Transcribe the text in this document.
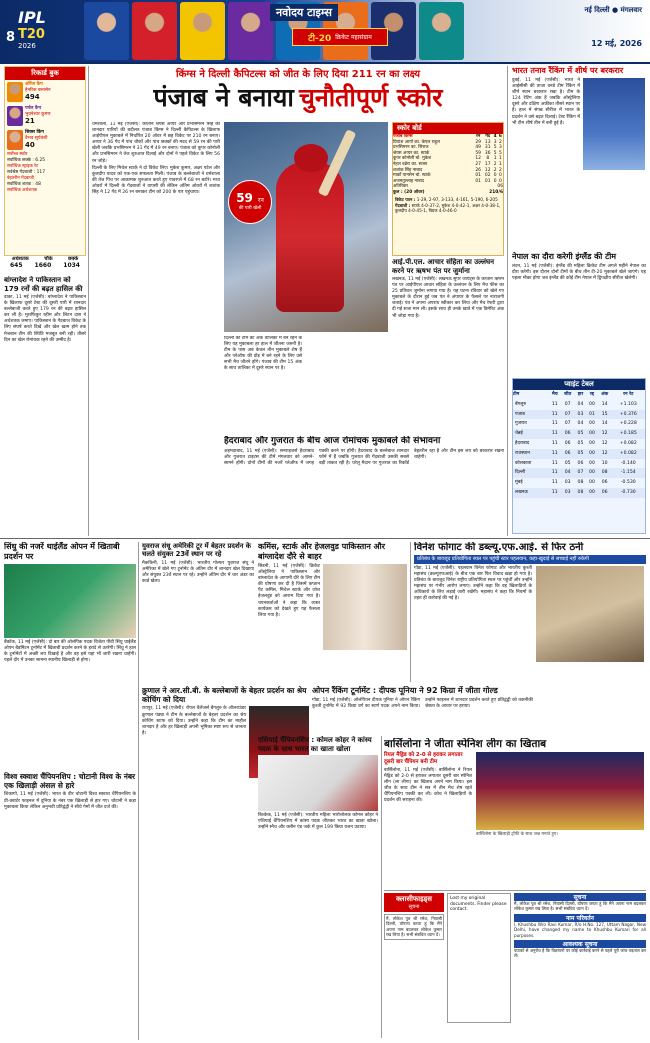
8
IPL
T20
2026
नवोदय टाइम्स
टी-20 क्रिकेट महासंग्राम
नई दिल्ली ● मंगलवार
12 मई, 2026
रिकार्ड बुक
ऑरेंज कैप
हेनरिक क्लासेन
494
पर्पल कैप
भुवनेश्वर कुमार
21
सिक्स किंग
वैभव सूर्यवंशी
40
सर्वोच्च स्कोर
सर्वाधिक छक्के : 6.25
सर्वाधिक स्ट्राइक रेट
सर्वश्रेष्ठ गेंदबाजी : 117
बेहतरीन गेंदबाजी
सर्वाधिक शतक : 48
सर्वाधिक अर्धशतक
अर्धशतक	चौके	छक्के
645 1660 1034
बांग्लादेश ने पाकिस्तान को 179 रनों की बढ़त हासिल की
ढाका, 11 मई (एजेंसी): बांग्लादेश ने पाकिस्तान के खिलाफ दूसरे टेस्ट की दूसरी पारी में शानदार बल्लेबाजी करते हुए 179 रन की बढ़त हासिल कर ली है। मुशफिकुर रहीम और लिटन दास ने अर्धशतक जमाए। पाकिस्तान के गेंदबाज विकेट के लिए संघर्ष करते दिखे और खेल खत्म होने तक मेजबान टीम की स्थिति मजबूत बनी रही। तीसरे दिन का खेल रोमांचक रहने की उम्मीद है।
किंग्स ने दिल्ली कैपिटल्स को जीत के लिए दिया 211 रन का लक्ष्य
पंजाब ने बनाया चुनौतीपूर्ण स्कोर

धर्मशाला, 11 मई (एजेंसी): कप्तान श्रेयस अय्यर और प्रभसिमरन सिंह की शानदार पारियों की बदौलत पंजाब किंग्स ने दिल्ली कैपिटल्स के खिलाफ आईपीएल मुकाबले में निर्धारित 20 ओवर में छह विकेट पर 210 रन बनाए। अय्यर ने 36 गेंद में पांच चौकों और पांच छक्कों की मदद से 59 रन की पारी खेली जबकि प्रभसिमरन ने 31 गेंद में 49 रन बनाए। पंजाब को कूपर कोनोली और प्रभसिमरन ने तेज शुरुआत दिलाई और दोनों ने पहले विकेट के लिए 56 रन जोड़े।

दिल्ली के लिए मिचेल स्टार्क ने दो विकेट लिए। मुकेश कुमार, अक्षर पटेल और कुलदीप यादव को एक-एक सफलता मिली। पंजाब के बल्लेबाजों ने धर्मशाला की तेज पिच पर आक्रामक शुरुआत करते हुए पावरप्ले में 68 रन बटोरे। मध्य ओवरों में दिल्ली के गेंदबाजों ने वापसी की लेकिन अंतिम ओवरों में शशांक सिंह ने 12 गेंद में 26 रन बनाकर टीम को 200 के पार पहुंचाया।	59 रन
की पारी खेली

दिल्ली की टीम को अंक तालिका में बने रहने के लिए यह मुकाबला हर हाल में जीतना जरूरी है। टीम के पास अब केवल तीन मुकाबले शेष हैं और प्लेऑफ की दौड़ में बने रहने के लिए उसे सभी मैच जीतने होंगे। पंजाब की टीम 15 अंक के साथ तालिका में दूसरे स्थान पर है।

स्कोर बोर्ड
पंजाब किंग्स	रन	गेंद	4	6
प्रियांश आर्या का. केएल राहुल	29	13	3	2
प्रभसिमरन का. सिराज	49	31	5	3
श्रेयस अय्यर का. स्टार्क	59	36	5	5
कूपर कोनोली बो. मुकेश	12	8	1	1
नेहल वढेरा का. स्टब्स	27	17	2	1
शशांक सिंह नाबाद	26	12	2	2
मार्को यानसेन बो. स्टार्क	01	02	0	0
अजमतुल्लाह नाबाद	01	01	0	0
अतिरिक्त	06			
कुल : (20 ओवर)	210/6			
विकेट पतन : 1-29, 2-97, 3-133, 4-161, 5-190, 6-205
गेंदबाजी : स्टार्क 4-0-37-2, मुकेश 4-0-42-1, अक्षर 4-0-38-1, कुलदीप 4-0-45-1, विप्रज 4-0-46-0
आई.पी.एल. आचार संहिता का उल्लंघन करने पर ऋषभ पंत पर जुर्माना
लखनऊ, 11 मई (एजेंसी): लखनऊ सुपर जायंट्स के कप्तान ऋषभ पंत पर आईपीएल आचार संहिता के उल्लंघन के लिए मैच फीस का 25 प्रतिशत जुर्माना लगाया गया है। यह घटना रविवार को खेले गए मुकाबले के दौरान हुई जब पंत ने अंपायर के फैसले पर नाराजगी जताई। पंत ने अपना अपराध स्वीकार कर लिया और मैच रेफरी द्वारा दी गई सजा मान ली। इसके साथ ही उनके खाते में एक डिमेरिट अंक भी जोड़ा गया है।
हैदराबाद और गुजरात के बीच आज रोमांचक मुकाबले की संभावना
अहमदाबाद, 11 मई (एजेंसी): सनराइजर्स हैदराबाद और गुजरात टाइटंस की टीमें मंगलवार को आमने-सामने होंगी। दोनों टीमों की नजरें प्लेऑफ में जगह पक्की करने पर होंगी। हैदराबाद के बल्लेबाज शानदार फॉर्म में हैं जबकि गुजरात की गेंदबाजी उसकी सबसे बड़ी ताकत रही है। घरेलू मैदान पर गुजरात का रिकॉर्ड बेहतरीन रहा है और टीम इस लय को बरकरार रखना चाहेगी।
भारत तनाव रैंकिंग में शीर्ष पर बरकरार
दुबई, 11 मई (एजेंसी): भारत ने आईसीसी की ताजा वनडे टीम रैंकिंग में शीर्ष स्थान बरकरार रखा है। टीम के 124 रेटिंग अंक हैं जबकि ऑस्ट्रेलिया दूसरे और दक्षिण अफ्रीका तीसरे स्थान पर है। हाल में संपन्न सीरीज में भारत के प्रदर्शन ने उसे बढ़त दिलाई। टेस्ट रैंकिंग में भी टीम शीर्ष तीन में बनी हुई है।
नेपाल का दौरा करेगी इंग्लैंड की टीम
लंदन, 11 मई (एजेंसी): इंग्लैंड की महिला क्रिकेट टीम अगले महीने नेपाल का दौरा करेगी। इस दौरान दोनों टीमों के बीच तीन टी-20 मुकाबले खेले जाएंगे। यह पहला मौका होगा जब इंग्लैंड की कोई टीम नेपाल में द्विपक्षीय सीरीज खेलेगी।
प्वाइंट टेबल
टीम	मैच	जीत	हार	रद्द	अंक	रन रेट
बेंगलुरु	11	07	04	00	14	+1.103
पंजाब	11	07	03	01	15	+0.376
गुजरात	11	07	04	00	14	+0.228
चेन्नई	11	06	05	00	12	+0.185
हैदराबाद	11	06	05	00	12	+0.082
राजस्थान	11	06	05	00	12	+0.082
कोलकाता	11	05	06	00	10	-0.140
दिल्ली	11	04	07	00	08	-1.154
मुंबई	11	03	08	00	06	-0.530
लखनऊ	11	03	08	00	06	-0.730
सिंधु की नजरें थाईलैंड ओपन में खिताबी प्रदर्शन पर
बैंकॉक, 11 मई (एजेंसी): दो बार की ओलंपिक पदक विजेता पीवी सिंधु थाईलैंड ओपन बैडमिंटन टूर्नामेंट में खिताबी प्रदर्शन करने के इरादे से उतरेंगी। सिंधु ने हाल के टूर्नामेंटों में अच्छी लय दिखाई है और वह इसे यहां भी जारी रखना चाहेंगी। पहले दौर में उनका सामना स्थानीय खिलाड़ी से होगा।
युवराज संधू अमेरिकी टूर में बेहतर प्रदर्शन के चलते संयुक्त 23वें स्थान पर रहे
मैककिनी, 11 मई (एजेंसी): भारतीय गोल्फर युवराज संधू ने अमेरिका में खेले गए टूर्नामेंट के अंतिम दौर में शानदार खेल दिखाया और संयुक्त 23वें स्थान पर रहे। उन्होंने अंतिम दौर में चार अंडर का कार्ड खेला।
कमिंस, स्टार्क और हेजलवुड पाकिस्तान और बांग्लादेश दौरे से बाहर
सिडनी, 11 मई (एजेंसी): क्रिकेट ऑस्ट्रेलिया ने पाकिस्तान और बांग्लादेश के आगामी दौरे के लिए टीम की घोषणा कर दी है जिसमें कप्तान पैट कमिंस, मिचेल स्टार्क और जोश हेजलवुड को आराम दिया गया है। चयनकर्ताओं ने कहा कि व्यस्त कार्यक्रम को देखते हुए यह फैसला लिया गया है।
विनेश फोगाट की डब्ल्यू.एफ.आई. से फिर ठनी
प्रतिबंध के बावजूद प्रतियोगिता स्थल पर पहुंचीं स्टार पहलवान, कहा-खुदाई से सच्चाई नहीं रुकेगी
गोंडा, 11 मई (एजेंसी): पहलवान विनेश फोगाट और भारतीय कुश्ती महासंघ (डब्ल्यूएफआई) के बीच एक बार फिर विवाद खड़ा हो गया है। प्रतिबंध के बावजूद विनेश राष्ट्रीय प्रतियोगिता स्थल पर पहुंचीं और उन्होंने महासंघ पर गंभीर आरोप लगाए। उन्होंने कहा कि वह खिलाड़ियों के अधिकारों के लिए लड़ाई जारी रखेंगी। महासंघ ने कहा कि नियमों के तहत ही कार्रवाई की गई है।
विश्व स्क्वाश चैंपियनशिप : चोटानी विश्व के नंबर एक खिलाड़ी अंसल से हारे
शिकागो, 11 मई (एजेंसी): भारत के वीर चोटानी विश्व स्क्वाश चैंपियनशिप के प्री-क्वार्टर फाइनल में दुनिया के नंबर एक खिलाड़ी से हार गए। चोटानी ने कड़ा मुकाबला किया लेकिन अनुभवी प्रतिद्वंद्वी ने सीधे गेमों में जीत दर्ज की।
क्रुणाल ने आर.सी.बी. के बल्लेबाजों के बेहतर प्रदर्शन का श्रेय कोचिंग को दिया
रायपुर, 11 मई (एजेंसी): रॉयल चैलेंजर्स बेंगलुरु के ऑलराउंडर क्रुणाल पंड्या ने टीम के बल्लेबाजों के बेहतर प्रदर्शन का श्रेय कोचिंग स्टाफ को दिया। उन्होंने कहा कि टीम का माहौल शानदार है और हर खिलाड़ी अपनी भूमिका स्पष्ट रूप से जानता है।
ओपन रैंकिंग टूर्नामेंट : दीपक पूनिया ने 92 किग्रा में जीता गोल्ड
गोंडा, 11 मई (एजेंसी): ओलंपियन दीपक पूनिया ने ओपन रैंकिंग कुश्ती टूर्नामेंट में 92 किग्रा वर्ग का स्वर्ण पदक अपने नाम किया। उन्होंने फाइनल में शानदार प्रदर्शन करते हुए प्रतिद्वंद्वी को तकनीकी श्रेष्ठता के आधार पर हराया।
एशियाई चैंपियनशिप : कोमल कोहर ने कांस्य पदक के साथ भारत का खाता खोला
बिश्केक, 11 मई (एजेंसी): भारतीय महिला भारोत्तोलक कोमल कोहर ने एशियाई चैंपियनशिप में कांस्य पदक जीतकर भारत का खाता खोला। उन्होंने स्नैच और क्लीन एंड जर्क में कुल 199 किग्रा वजन उठाया।
बार्सिलोना ने जीता स्पेनिश लीग का खिताब
रियल मैड्रिड को 2-0 से हराकर लगातार दूसरी बार चैंपियन बनी टीम
बार्सिलोना, 11 मई (एजेंसी): बार्सिलोना ने रियल मैड्रिड को 2-0 से हराकर लगातार दूसरी बार स्पेनिश लीग (ला लीगा) का खिताब अपने नाम किया। इस जीत के साथ टीम ने सत्र में तीन मैच शेष रहते चैंपियनशिप पक्की कर ली। कोच ने खिलाड़ियों के प्रदर्शन की सराहना की।
बार्सिलोना के खिलाड़ी ट्रॉफी के साथ जश्न मनाते हुए।
क्लासीफाइड्स
सूचना
मैं, लोकेश पुत्र श्री रमेश, निवासी दिल्ली, घोषणा करता हूं कि मैंने अपना नाम बदलकर लोकेश कुमार रख लिया है। सभी संबंधित ध्यान दें।
Lost my original documents. Finder please contact.
सूचना
मैं, लोकेश पुत्र श्री रमेश, निवासी दिल्ली, घोषणा करता हूं कि मैंने अपना नाम बदलकर लोकेश कुमार रख लिया है। सभी संबंधित ध्यान दें।
नाम परिवर्तन
I, Khushbu W/o Ravi Kumar, R/o H.No. 127, Uttam Nagar, New Delhi, have changed my name to Khushbu Kumari for all purposes.
आवश्यक सूचना
पाठकों से अनुरोध है कि विज्ञापनों पर कोई कार्रवाई करने से पहले पूरी जांच-पड़ताल कर लें।
